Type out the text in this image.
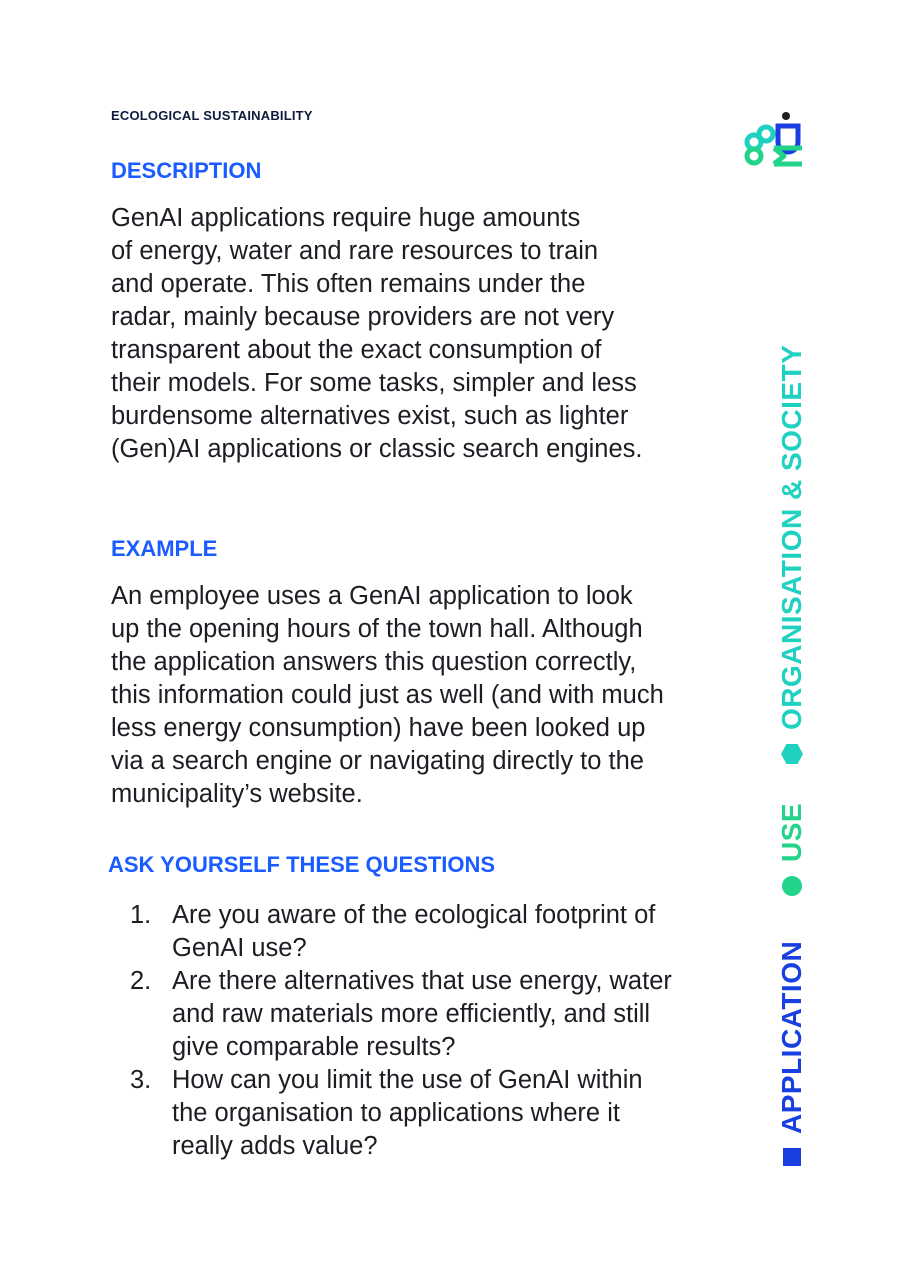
ECOLOGICAL SUSTAINABILITY
DESCRIPTION

GenAI applications require huge amounts
of energy, water and rare resources to train
and operate. This often remains under the
radar, mainly because providers are not very
transparent about the exact consumption of
their models. For some tasks, simpler and less
burdensome alternatives exist, such as lighter
(Gen)AI applications or classic search engines.

EXAMPLE

An employee uses a GenAI application to look
up the opening hours of the town hall. Although
the application answers this question correctly,
this information could just as well (and with much
less energy consumption) have been looked up
via a search engine or navigating directly to the
municipality’s website.

ASK YOURSELF THESE QUESTIONS
1. Are you aware of the ecological footprint of
GenAI use?
2. Are there alternatives that use energy, water
and raw materials more efficiently, and still
give comparable results?
3. How can you limit the use of GenAI within
the organisation to applications where it
really adds value?
ORGANISATION & SOCIETY
USE
APPLICATION
